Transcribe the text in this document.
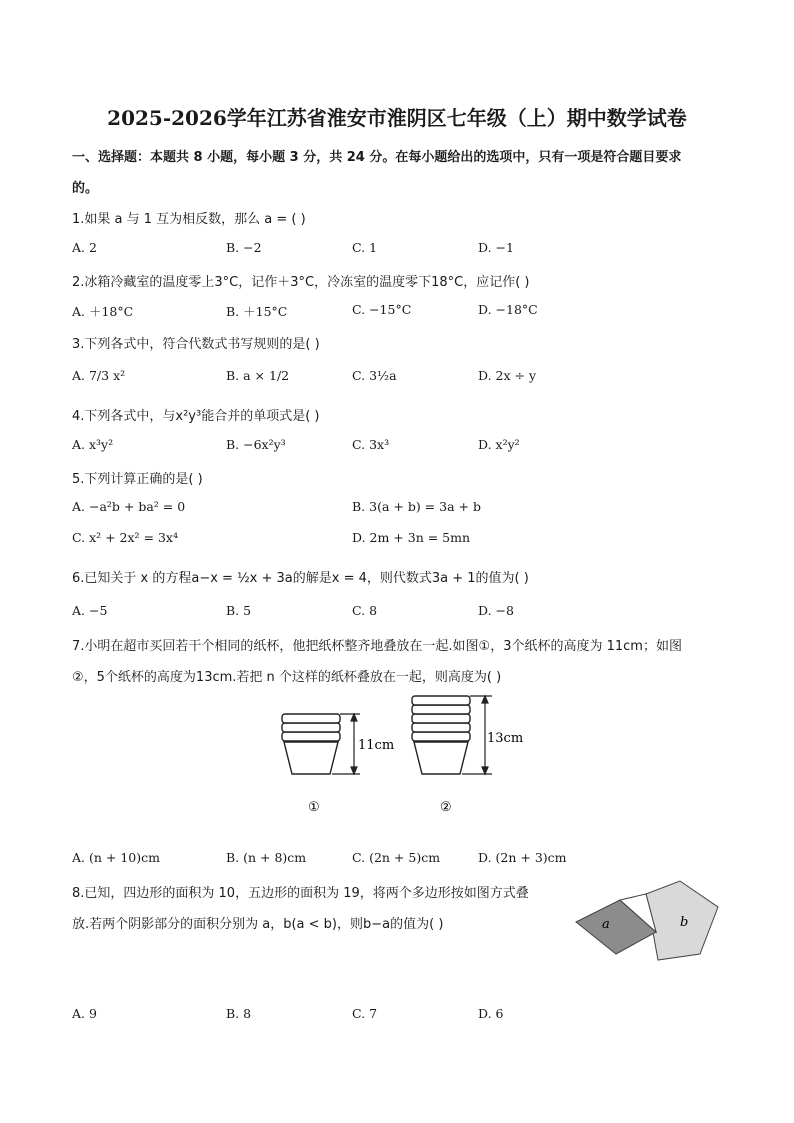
2025-2026学年江苏省淮安市淮阴区七年级（上）期中数学试卷
一、选择题：本题共 8 小题，每小题 3 分，共 24 分。在每小题给出的选项中，只有一项是符合题目要求
的。
1.如果 a 与 1 互为相反数，那么 a = ( )
A. 2	B. −2	C. 1	D. −1
2.冰箱冷藏室的温度零上3°C，记作＋3°C，冷冻室的温度零下18°C，应记作( )
A. ＋18°C	B. ＋15°C	C. −15°C	D. −18°C
3.下列各式中，符合代数式书写规则的是( )
A. 7/3 x²	B. a × 1/2	C. 3½a	D. 2x ÷ y
4.下列各式中，与x²y³能合并的单项式是( )
A. x³y²	B. −6x²y³	C. 3x³	D. x²y²
5.下列计算正确的是( )
A. −a²b + ba² = 0	B. 3(a + b) = 3a + b
C. x² + 2x² = 3x⁴	D. 2m + 3n = 5mn
6.已知关于 x 的方程a−x = ½x + 3a的解是x = 4，则代数式3a + 1的值为( )
A. −5	B. 5	C. 8	D. −8
7.小明在超市买回若干个相同的纸杯，他把纸杯整齐地叠放在一起.如图①，3个纸杯的高度为 11cm；如图
②，5个纸杯的高度为13cm.若把 n 个这样的纸杯叠放在一起，则高度为( )
11cm	13cm
①	②
A. (n + 10)cm	B. (n + 8)cm	C. (2n + 5)cm	D. (2n + 3)cm
8.已知，四边形的面积为 10，五边形的面积为 19，将两个多边形按如图方式叠
放.若两个阴影部分的面积分别为 a，b(a < b)，则b−a的值为( )	a	b
A. 9	B. 8	C. 7	D. 6
